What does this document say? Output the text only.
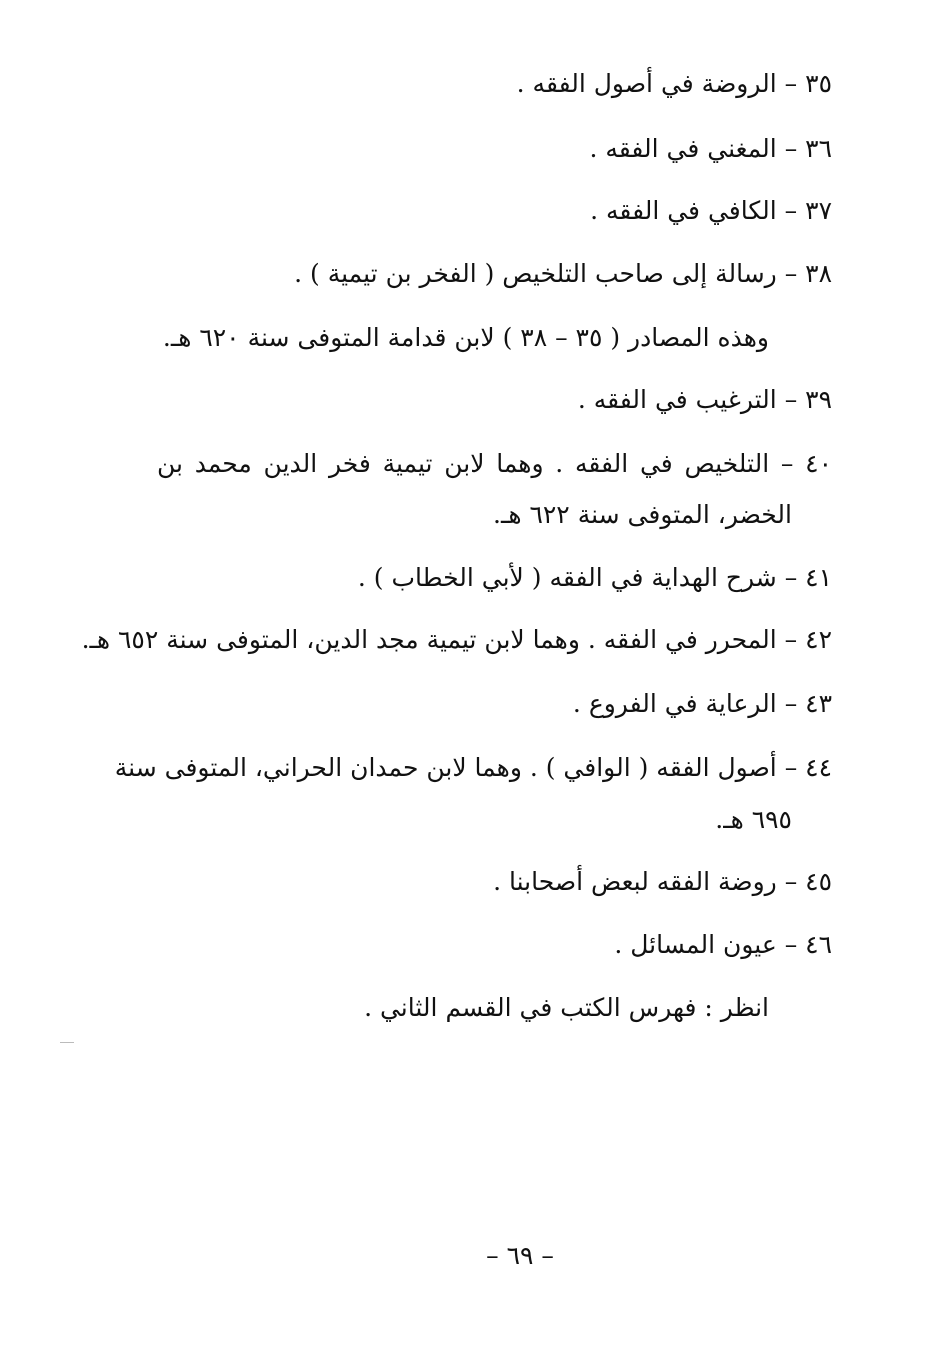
٣٥ – الروضة في أصول الفقه .
٣٦ – المغني في الفقه .
٣٧ – الكافي في الفقه .
٣٨ – رسالة إلى صاحب التلخيص ( الفخر بن تيمية ) .
وهذه المصادر ( ٣٥ – ٣٨ ) لابن قدامة المتوفى سنة ٦٢٠ هـ.
٣٩ – الترغيب في الفقه .
٤٠ – التلخيص في الفقه . وهما لابن تيمية فخر الدين محمد بن
الخضر، المتوفى سنة ٦٢٢ هـ.
٤١ – شرح الهداية في الفقه ( لأبي الخطاب ) .
٤٢ – المحرر في الفقه . وهما لابن تيمية مجد الدين، المتوفى سنة ٦٥٢ هـ.
٤٣ – الرعاية في الفروع .
٤٤ – أصول الفقه ( الوافي ) . وهما لابن حمدان الحراني، المتوفى سنة
٦٩٥ هـ.
٤٥ – روضة الفقه لبعض أصحابنا .
٤٦ – عيون المسائل .
انظر : فهرس الكتب في القسم الثاني .
– ٦٩ –
